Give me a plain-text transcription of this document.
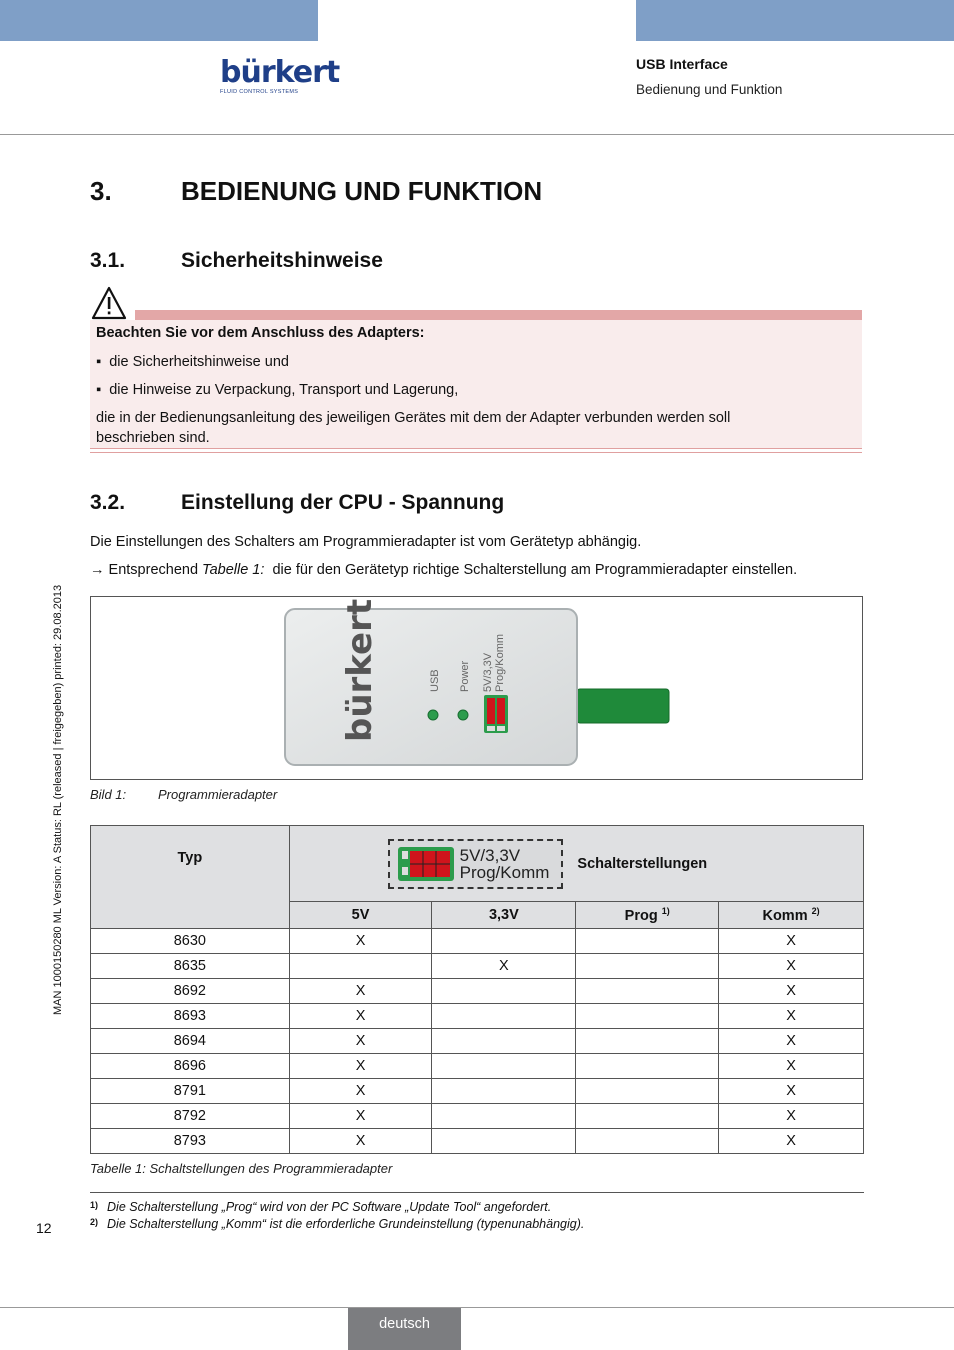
bürkert
FLUID CONTROL SYSTEMS
USB Interface
Bedienung und Funktion
3.	BEDIENUNG UND FUNKTION
3.1.	Sicherheitshinweise
Beachten Sie vor dem Anschluss des Adapters:
▪  die Sicherheitshinweise und
▪  die Hinweise zu Verpackung, Transport und Lagerung,
die in der Bedienungsanleitung des jeweiligen Gerätes mit dem der Adapter verbunden werden soll
beschrieben sind.
3.2.	Einstellung der CPU - Spannung
Die Einstellungen des Schalters am Programmieradapter ist vom Gerätetyp abhängig.
→ Entsprechend Tabelle 1: die für den Gerätetyp richtige Schalterstellung am Programmieradapter einstellen.
bürkert	USB Power 5V/3,3V Prog/Komm
Bild 1: Programmieradapter
Typ	5V/3,3V
Prog/Komm Schalterstellungen			
	5V	3,3V	Prog $^{1)}$	Komm $^{2)}$
8630	X			X
8635		X		X
8692	X			X
8693	X			X
8694	X			X
8696	X			X
8791	X			X
8792	X			X
8793	X			X
Tabelle 1: Schaltstellungen des Programmieradapter
$^{1)}$ Die Schalterstellung „Prog“ wird von der PC Software „Update Tool“ angefordert.
$^{2)}$ Die Schalterstellung „Komm“ ist die erforderliche Grundeinstellung (typenunabhängig).
MAN 1000150280 ML Version: A Status: RL (released | freigegeben) printed: 29.08.2013
12
deutsch
